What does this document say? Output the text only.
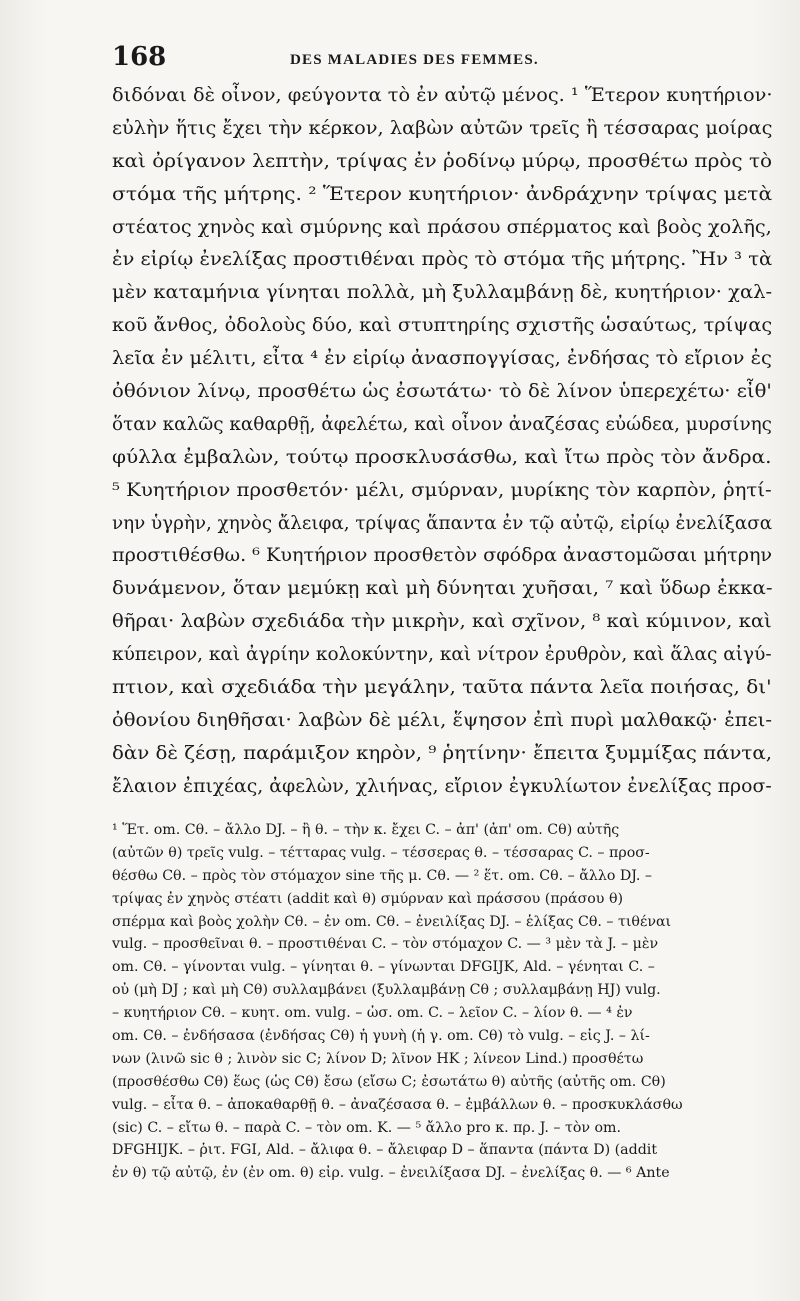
168	DES MALADIES DES FEMMES.
διδόναι δὲ οἶνον, φεύγοντα τὸ ἐν αὐτῷ μένος. ¹ Ἕτερον κυητήριον·
εὐλὴν ἥτις ἔχει τὴν κέρκον, λαβὼν αὐτῶν τρεῖς ἢ τέσσαρας μοίρας
καὶ ὀρίγανον λεπτὴν, τρίψας ἐν ῥοδίνῳ μύρῳ, προσθέτω πρὸς τὸ
στόμα τῆς μήτρης. ² Ἕτερον κυητήριον· ἀνδράχνην τρίψας μετὰ
στέατος χηνὸς καὶ σμύρνης καὶ πράσου σπέρματος καὶ βοὸς χολῆς,
ἐν εἰρίῳ ἐνελίξας προστιθέναι πρὸς τὸ στόμα τῆς μήτρης. Ἢν ³ τὰ
μὲν καταμήνια γίνηται πολλὰ, μὴ ξυλλαμβάνῃ δὲ, κυητήριον· χαλ-
κοῦ ἄνθος, ὀδολοὺς δύο, καὶ στυπτηρίης σχιστῆς ὡσαύτως, τρίψας
λεῖα ἐν μέλιτι, εἶτα ⁴ ἐν εἰρίῳ ἀνασπογγίσας, ἐνδήσας τὸ εἴριον ἐς
ὀθόνιον λίνῳ, προσθέτω ὡς ἐσωτάτω· τὸ δὲ λίνον ὑπερεχέτω· εἶθ'
ὅταν καλῶς καθαρθῇ, ἀφελέτω, καὶ οἶνον ἀναζέσας εὐώδεα, μυρσίνης
φύλλα ἐμβαλὼν, τούτῳ προσκλυσάσθω, καὶ ἴτω πρὸς τὸν ἄνδρα.
⁵ Κυητήριον προσθετόν· μέλι, σμύρναν, μυρίκης τὸν καρπὸν, ῥητί-
νην ὑγρὴν, χηνὸς ἄλειφα, τρίψας ἅπαντα ἐν τῷ αὐτῷ, εἰρίῳ ἐνελίξασα
προστιθέσθω. ⁶ Κυητήριον προσθετὸν σφόδρα ἀναστομῶσαι μήτρην
δυνάμενον, ὅταν μεμύκῃ καὶ μὴ δύνηται χυῆσαι, ⁷ καὶ ὕδωρ ἐκκα-
θῆραι· λαβὼν σχεδιάδα τὴν μικρὴν, καὶ σχῖνον, ⁸ καὶ κύμινον, καὶ
κύπειρον, καὶ ἀγρίην κολοκύντην, καὶ νίτρον ἐρυθρὸν, καὶ ἅλας αἰγύ-
πτιον, καὶ σχεδιάδα τὴν μεγάλην, ταῦτα πάντα λεῖα ποιήσας, δι'
ὀθονίου διηθῆσαι· λαβὼν δὲ μέλι, ἕψησον ἐπὶ πυρὶ μαλθακῷ· ἐπει-
δὰν δὲ ζέσῃ, παράμιξον κηρὸν, ⁹ ῥητίνην· ἔπειτα ξυμμίξας πάντα,
ἔλαιον ἐπιχέας, ἀφελὼν, χλιήνας, εἴριον ἐγκυλίωτον ἐνελίξας προσ-
¹ Ἕτ. om. Cθ. – ἄλλο DJ. – ἢ θ. – τὴν κ. ἔχει C. – ἀπ' (ἀπ' om. Cθ) αὐτῆς
(αὐτῶν θ) τρεῖς vulg. – τέτταρας vulg. – τέσσερας θ. – τέσσαρας C. – προσ-
θέσθω Cθ. – πρὸς τὸν στόμαχον sine τῆς μ. Cθ. — ² ἕτ. om. Cθ. – ἄλλο DJ. –
τρίψας ἐν χηνὸς στέατι (addit καὶ θ) σμύρναν καὶ πράσσου (πράσου θ)
σπέρμα καὶ βοὸς χολὴν Cθ. – ἐν om. Cθ. – ἐνειλίξας DJ. – ἑλίξας Cθ. – τιθέναι
vulg. – προσθεῖναι θ. – προστιθέναι C. – τὸν στόμαχον C. — ³ μὲν τὰ J. – μὲν
om. Cθ. – γίνονται vulg. – γίνηται θ. – γίνωνται DFGIJK, Ald. – γένηται C. –
οὐ (μὴ DJ ; καὶ μὴ Cθ) συλλαμβάνει (ξυλλαμβάνῃ Cθ ; συλλαμβάνῃ HJ) vulg.
– κυητήριον Cθ. – κυητ. om. vulg. – ὡσ. om. C. – λεῖον C. – λίον θ. — ⁴ ἐν
om. Cθ. – ἐνδήσασα (ἐνδήσας Cθ) ἡ γυνὴ (ἡ γ. om. Cθ) τὸ vulg. – εἰς J. – λί-
νων (λινῶ sic θ ; λινὸν sic C; λίνον D; λῖνον HK ; λίνεον Lind.) προσθέτω
(προσθέσθω Cθ) ἕως (ὡς Cθ) ἔσω (εἴσω C; ἐσωτάτω θ) αὐτῆς (αὐτῆς om. Cθ)
vulg. – εἶτα θ. – ἀποκαθαρθῇ θ. – ἀναζέσασα θ. – ἐμβάλλων θ. – προσκυκλάσθω
(sic) C. – εἴτω θ. – παρὰ C. – τὸν om. K. — ⁵ ἄλλο pro κ. πρ. J. – τὸν om.
DFGHIJK. – ῥιτ. FGI, Ald. – ἄλιφα θ. – ἄλειφαρ D – ἅπαντα (πάντα D) (addit
ἐν θ) τῷ αὐτῷ, ἐν (ἐν om. θ) εἰρ. vulg. – ἐνειλίξασα DJ. – ἐνελίξας θ. — ⁶ Ante
